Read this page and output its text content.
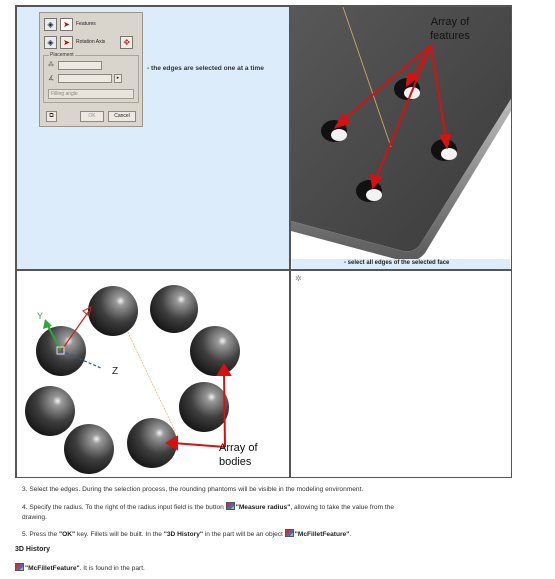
◈	➤	Features
◈	➤	Rotation Axis	✥
Placement
⁂
∡	▸
Filling angle
⧉	OK	Cancel
- the edges are selected one at a time
Array of
features
- select all edges of the selected face
Y
Z
Array of
bodies
✲
3. Select the edges. During the selection process, the rounding phantoms will be visible in the modeling environment.
4. Specify the radius. To the right of the radius input field is the button "Measure radius", allowing to take the value from the
drawing.
5. Press the "OK" key. Fillets will be built. In the "3D History" in the part will be an object "McFilletFeature".
3D History
"McFilletFeature". It is found in the part.
